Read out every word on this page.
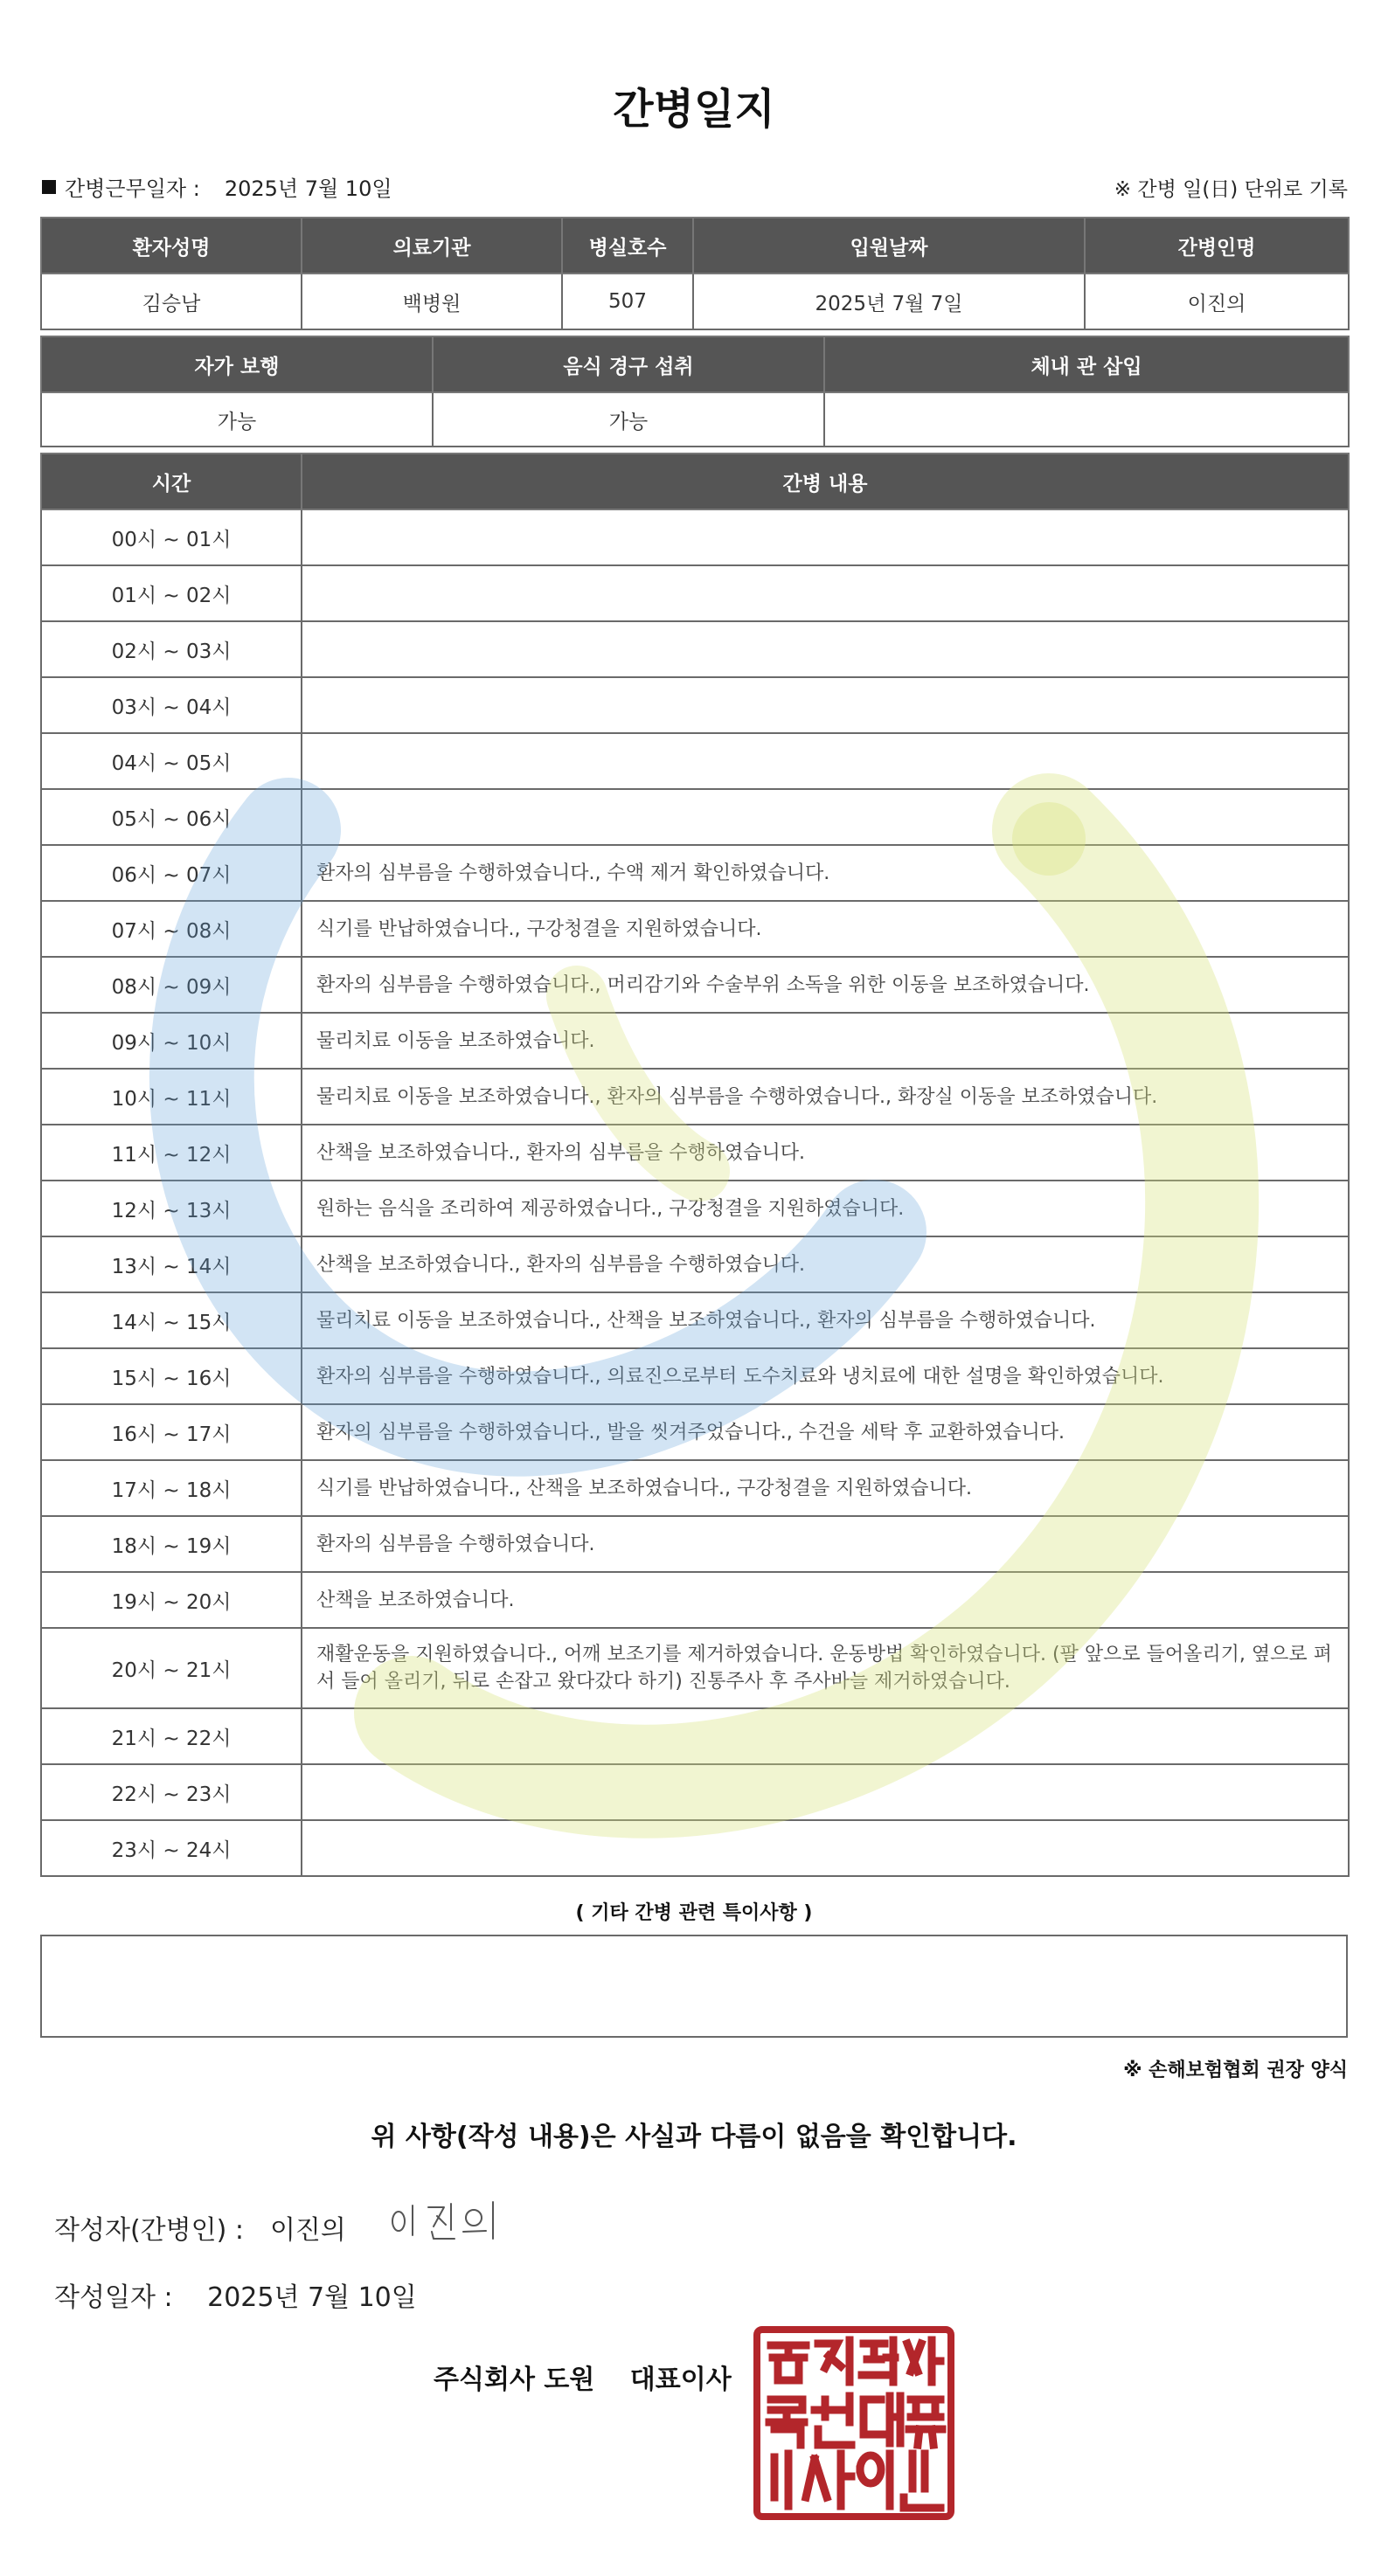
간병일지
간병근무일자 : 2025년 7월 10일	※ 간병 일(日) 단위로 기록
환자성명	의료기관	병실호수	입원날짜	간병인명
김승남	백병원	507	2025년 7월 7일	이진의
자가 보행	음식 경구 섭취	체내 관 삽입
가능	가능	
시간	간병 내용
00시 ~ 01시	
01시 ~ 02시	
02시 ~ 03시	
03시 ~ 04시	
04시 ~ 05시	
05시 ~ 06시	
06시 ~ 07시	환자의 심부름을 수행하였습니다., 수액 제거 확인하였습니다.
07시 ~ 08시	식기를 반납하였습니다., 구강청결을 지원하였습니다.
08시 ~ 09시	환자의 심부름을 수행하였습니다., 머리감기와 수술부위 소독을 위한 이동을 보조하였습니다.
09시 ~ 10시	물리치료 이동을 보조하였습니다.
10시 ~ 11시	물리치료 이동을 보조하였습니다., 환자의 심부름을 수행하였습니다., 화장실 이동을 보조하였습니다.
11시 ~ 12시	산책을 보조하였습니다., 환자의 심부름을 수행하였습니다.
12시 ~ 13시	원하는 음식을 조리하여 제공하였습니다., 구강청결을 지원하였습니다.
13시 ~ 14시	산책을 보조하였습니다., 환자의 심부름을 수행하였습니다.
14시 ~ 15시	물리치료 이동을 보조하였습니다., 산책을 보조하였습니다., 환자의 심부름을 수행하였습니다.
15시 ~ 16시	환자의 심부름을 수행하였습니다., 의료진으로부터 도수치료와 냉치료에 대한 설명을 확인하였습니다.
16시 ~ 17시	환자의 심부름을 수행하였습니다., 발을 씻겨주었습니다., 수건을 세탁 후 교환하였습니다.
17시 ~ 18시	식기를 반납하였습니다., 산책을 보조하였습니다., 구강청결을 지원하였습니다.
18시 ~ 19시	환자의 심부름을 수행하였습니다.
19시 ~ 20시	산책을 보조하였습니다.
20시 ~ 21시	재활운동을 지원하였습니다., 어깨 보조기를 제거하였습니다. 운동방법 확인하였습니다. (팔 앞으로 들어올리기, 옆으로 펴서 들어 올리기, 뒤로 손잡고 왔다갔다 하기) 진통주사 후 주사바늘 제거하였습니다.
21시 ~ 22시	
22시 ~ 23시	
23시 ~ 24시	
( 기타 간병 관련 특이사항 )
※ 손해보험협회 권장 양식
위 사항(작성 내용)은 사실과 다름이 없음을 확인합니다.
작성자(간병인) : 이진의
작성일자 : 2025년 7월 10일
주식회사 도원 대표이사
